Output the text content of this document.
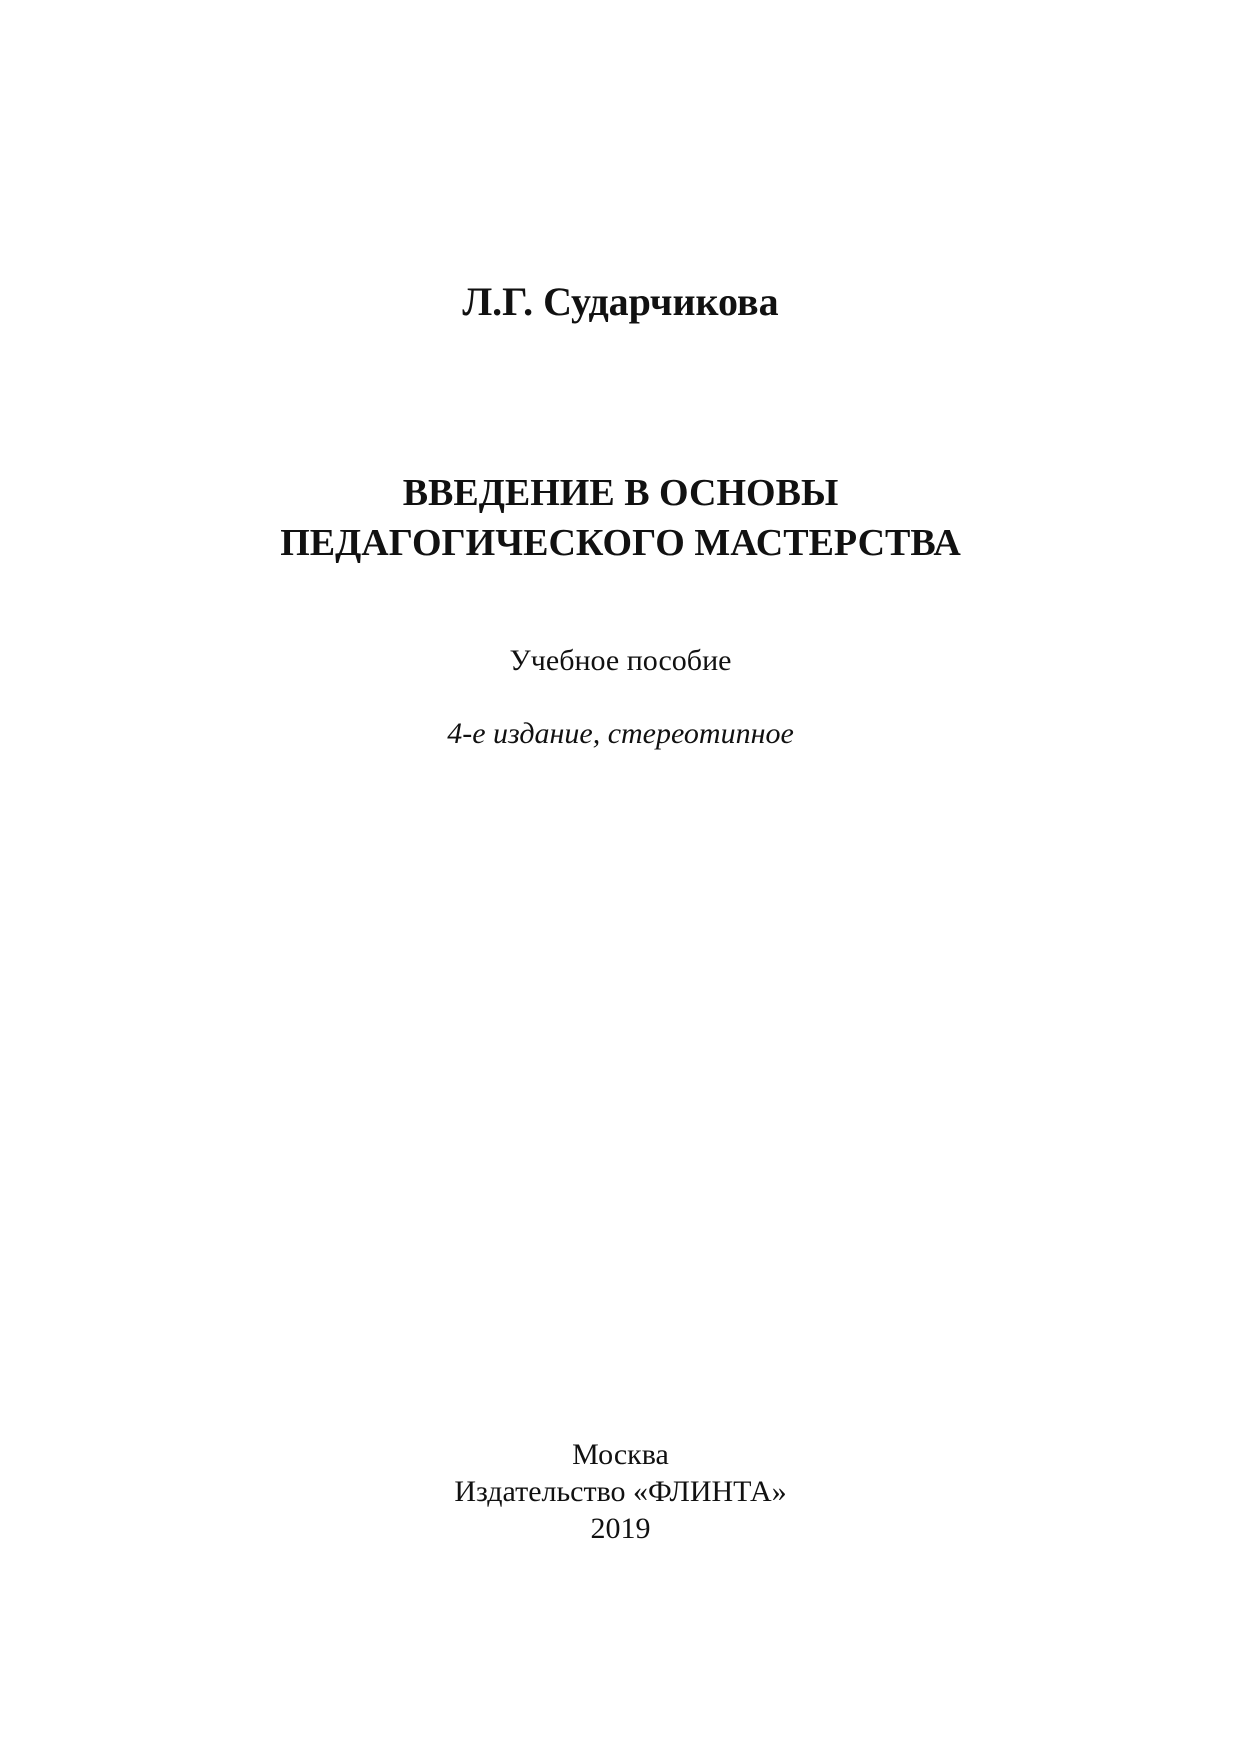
Л.Г. Сударчикова
ВВЕДЕНИЕ В ОСНОВЫ
ПЕДАГОГИЧЕСКОГО МАСТЕРСТВА
Учебное пособие
4-е издание, стереотипное
Москва
Издательство «ФЛИНТА»
2019
